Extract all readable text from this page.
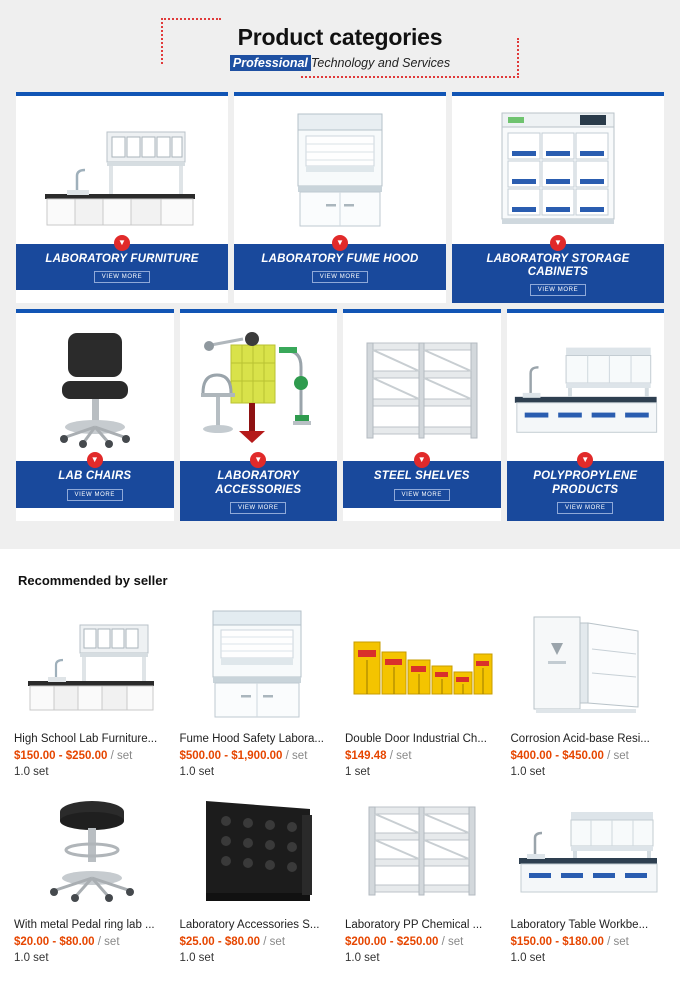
Product categories
Professional Technology and Services
▼
LABORATORY FURNITURE
VIEW MORE
▼
LABORATORY FUME HOOD
VIEW MORE
▼
LABORATORY STORAGE CABINETS
VIEW MORE
▼
LAB CHAIRS
VIEW MORE
▼
LABORATORY ACCESSORIES
VIEW MORE
▼
STEEL SHELVES
VIEW MORE
▼
POLYPROPYLENE PRODUCTS
VIEW MORE
Recommended by seller
High School Lab Furniture...
$150.00 - $250.00 / set
1.0 set
Fume Hood Safety Labora...
$500.00 - $1,900.00 / set
1.0 set
Double Door Industrial Ch...
$149.48 / set
1 set
Corrosion Acid-base Resi...
$400.00 - $450.00 / set
1.0 set
With metal Pedal ring lab ...
$20.00 - $80.00 / set
1.0 set
Laboratory Accessories S...
$25.00 - $80.00 / set
1.0 set
Laboratory PP Chemical ...
$200.00 - $250.00 / set
1.0 set
Laboratory Table Workbe...
$150.00 - $180.00 / set
1.0 set
